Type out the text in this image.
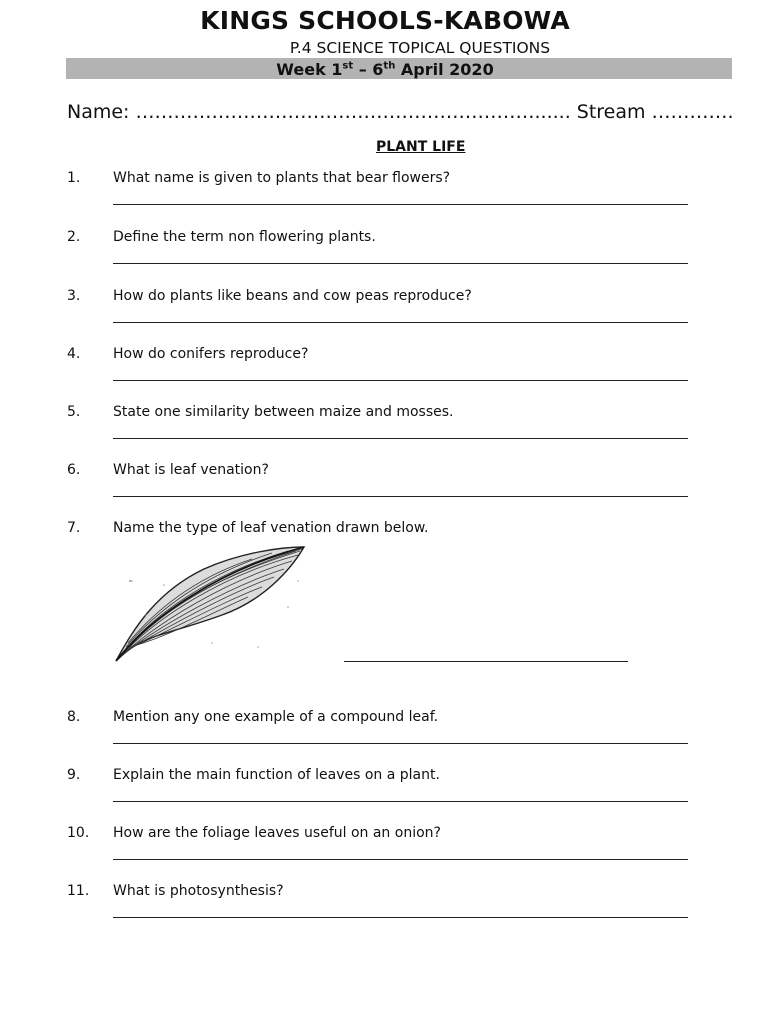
KINGS SCHOOLS-KABOWA
P.4 SCIENCE TOPICAL QUESTIONS
Week 1st – 6th April 2020
Name: ………………………………………………………...... Stream ………….
PLANT LIFE
1. What name is given to plants that bear flowers?
2. Define the term non flowering plants.
3. How do plants like beans and cow peas reproduce?
4. How do conifers reproduce?
5. State one similarity between maize and mosses.
6. What is leaf venation?
7. Name the type of leaf venation drawn below.
8. Mention any one example of a compound leaf.
9. Explain the main function of leaves on a plant.
10. How are the foliage leaves useful on an onion?
11. What is photosynthesis?
